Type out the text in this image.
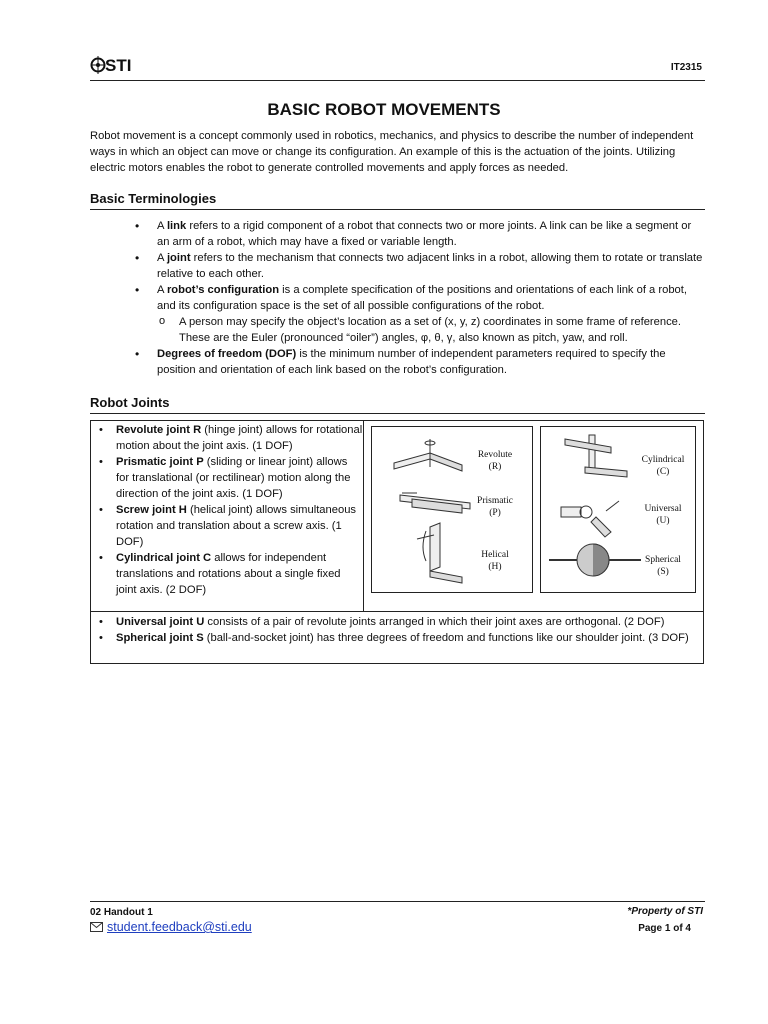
STI	IT2315
BASIC ROBOT MOVEMENTS
Robot movement is a concept commonly used in robotics, mechanics, and physics to describe the number of independent ways in which an object can move or change its configuration. An example of this is the actuation of the joints. Utilizing electric motors enables the robot to generate controlled movements and apply forces as needed.
Basic Terminologies
• A link refers to a rigid component of a robot that connects two or more joints. A link can be like a segment or an arm of a robot, which may have a fixed or variable length.
• A joint refers to the mechanism that connects two adjacent links in a robot, allowing them to rotate or translate relative to each other.
• A robot’s configuration is a complete specification of the positions and orientations of each link of a robot, and its configuration space is the set of all possible configurations of the robot.
o A person may specify the object’s location as a set of (x, y, z) coordinates in some frame of reference. These are the Euler (pronounced “oiler”) angles, φ, θ, γ, also known as pitch, yaw, and roll.
• Degrees of freedom (DOF) is the minimum number of independent parameters required to specify the position and orientation of each link based on the robot’s configuration.
Robot Joints
• Revolute joint R (hinge joint) allows for rotational motion about the joint axis. (1 DOF)
• Prismatic joint P (sliding or linear joint) allows for translational (or rectilinear) motion along the direction of the joint axis. (1 DOF)
• Screw joint H (helical joint) allows simultaneous rotation and translation about a screw axis. (1 DOF)
• Cylindrical joint C allows for independent translations and rotations about a single fixed joint axis. (2 DOF)
Revolute
(R)
Prismatic
(P)
Helical
(H)
Cylindrical
(C)
Universal
(U)
Spherical
(S)
• Universal joint U consists of a pair of revolute joints arranged in which their joint axes are orthogonal. (2 DOF)
• Spherical joint S (ball-and-socket joint) has three degrees of freedom and functions like our shoulder joint. (3 DOF)
02 Handout 1
student.feedback@sti.edu
*Property of STI
Page 1 of 4
